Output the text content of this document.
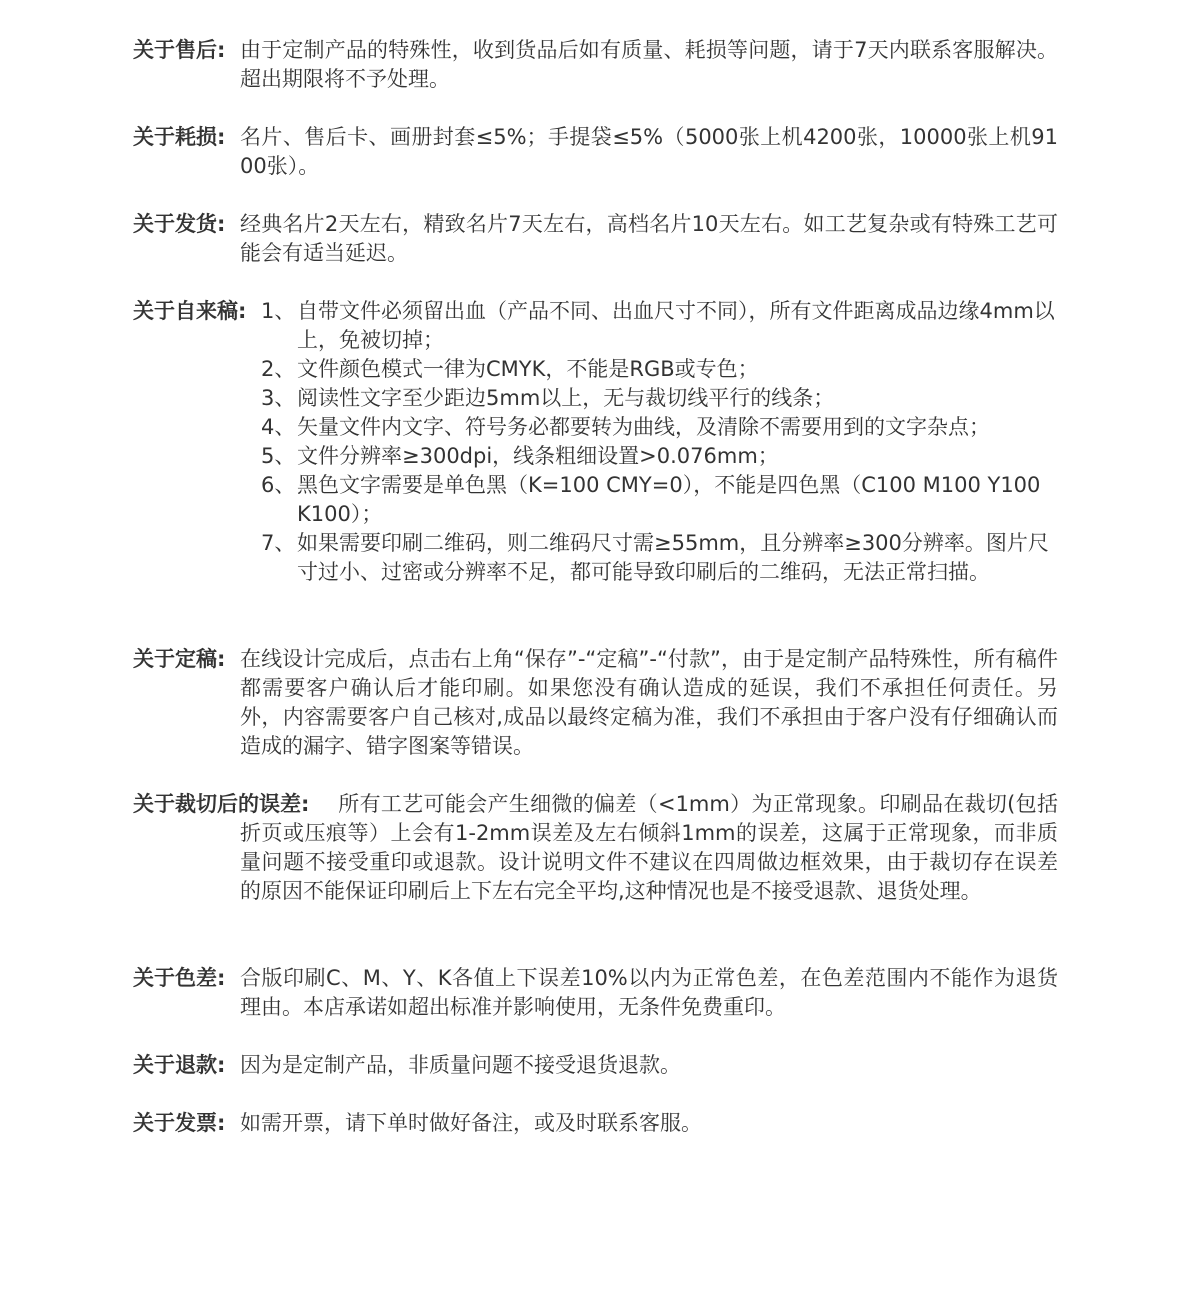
关于售后: 由于定制产品的特殊性，收到货品后如有质量、耗损等问题，请于7天内联系客服解决。超出期限将不予处理。
关于耗损: 名片、售后卡、画册封套≤5%；手提袋≤5%（5000张上机4200张，10000张上机9100张）。
关于发货: 经典名片2天左右，精致名片7天左右，高档名片10天左右。如工艺复杂或有特殊工艺可能会有适当延迟。
关于自来稿: 1、 自带文件必须留出血（产品不同、出血尺寸不同），所有文件距离成品边缘4mm以上，免被切掉；
2、 文件颜色模式一律为CMYK，不能是RGB或专色；
3、 阅读性文字至少距边5mm以上，无与裁切线平行的线条；
4、 矢量文件内文字、符号务必都要转为曲线，及清除不需要用到的文字杂点；
5、 文件分辨率≥300dpi，线条粗细设置>0.076mm；
6、 黑色文字需要是单色黑（K=100 CMY=0），不能是四色黑（C100 M100 Y100 K100）；
7、 如果需要印刷二维码，则二维码尺寸需≥55mm，且分辨率≥300分辨率。图片尺寸过小、过密或分辨率不足，都可能导致印刷后的二维码，无法正常扫描。
关于定稿: 在线设计完成后，点击右上角“保存”-“定稿”-“付款”，由于是定制产品特殊性，所有稿件都需要客户确认后才能印刷。如果您没有确认造成的延误，我们不承担任何责任。另外，内容需要客户自己核对,成品以最终定稿为准，我们不承担由于客户没有仔细确认而造成的漏字、错字图案等错误。
关于裁切后的误差:	所有工艺可能会产生细微的偏差（<1mm）为正常现象。印刷品在裁切(包括折页或压痕等）上会有1-2mm误差及左右倾斜1mm的误差，这属于正常现象，而非质量问题不接受重印或退款。设计说明文件不建议在四周做边框效果，由于裁切存在误差的原因不能保证印刷后上下左右完全平均,这种情况也是不接受退款、退货处理。
关于色差: 合版印刷C、M、Y、K各值上下误差10%以内为正常色差，在色差范围内不能作为退货理由。本店承诺如超出标准并影响使用，无条件免费重印。
关于退款: 因为是定制产品，非质量问题不接受退货退款。
关于发票: 如需开票，请下单时做好备注，或及时联系客服。
